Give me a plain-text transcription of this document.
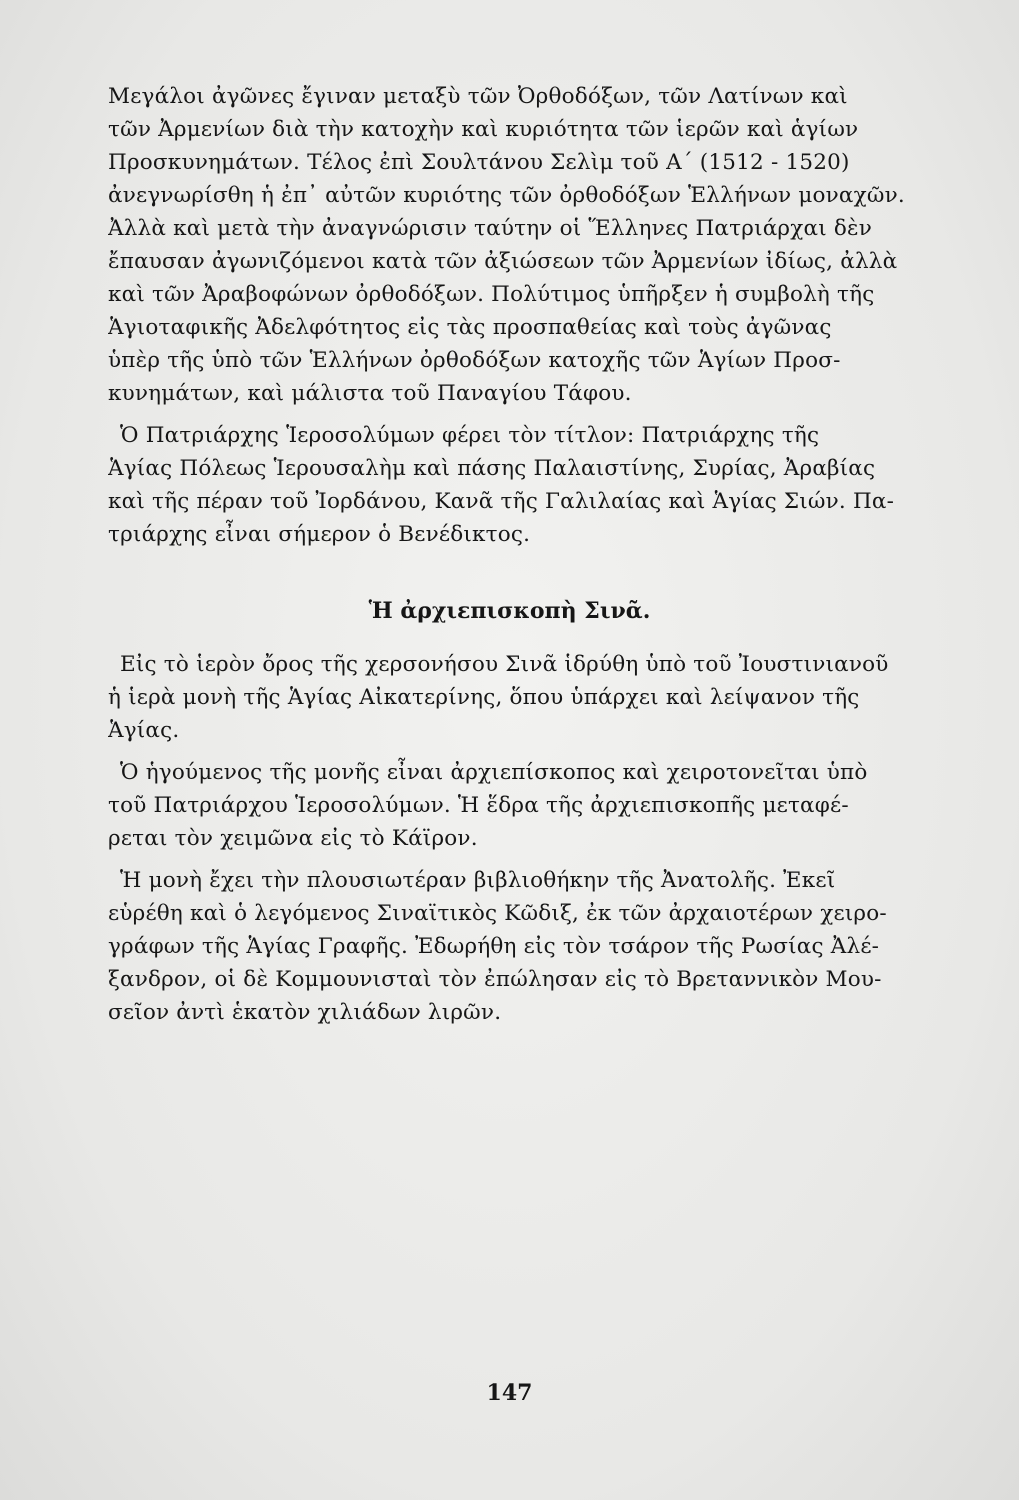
Μεγάλοι ἀγῶνες ἔγιναν μεταξὺ τῶν Ὀρθοδόξων, τῶν Λατίνων καὶ
τῶν Ἀρμενίων διὰ τὴν κατοχὴν καὶ κυριότητα τῶν ἱερῶν καὶ ἁγίων
Προσκυνημάτων. Τέλος ἐπὶ Σουλτάνου Σελὶμ τοῦ Α΄ (1512 - 1520)
ἀνεγνωρίσθη ἡ ἐπ᾽ αὐτῶν κυριότης τῶν ὀρθοδόξων Ἑλλήνων μοναχῶν.
Ἀλλὰ καὶ μετὰ τὴν ἀναγνώρισιν ταύτην οἱ Ἕλληνες Πατριάρχαι δὲν
ἔπαυσαν ἀγωνιζόμενοι κατὰ τῶν ἀξιώσεων τῶν Ἀρμενίων ἰδίως, ἀλλὰ
καὶ τῶν Ἀραβοφώνων ὀρθοδόξων. Πολύτιμος ὑπῆρξεν ἡ συμβολὴ τῆς
Ἁγιοταφικῆς Ἀδελφότητος εἰς τὰς προσπαθείας καὶ τοὺς ἀγῶνας
ὑπὲρ τῆς ὑπὸ τῶν Ἑλλήνων ὀρθοδόξων κατοχῆς τῶν Ἁγίων Προσ-
κυνημάτων, καὶ μάλιστα τοῦ Παναγίου Τάφου.
Ὁ Πατριάρχης Ἱεροσολύμων φέρει τὸν τίτλον: Πατριάρχης τῆς
Ἁγίας Πόλεως Ἱερουσαλὴμ καὶ πάσης Παλαιστίνης, Συρίας, Ἀραβίας
καὶ τῆς πέραν τοῦ Ἰορδάνου, Κανᾶ τῆς Γαλιλαίας καὶ Ἁγίας Σιών. Πα-
τριάρχης εἶναι σήμερον ὁ Βενέδικτος.
Εἰς τὸ ἱερὸν ὄρος τῆς χερσονήσου Σινᾶ ἱδρύθη ὑπὸ τοῦ Ἰουστινιανοῦ
ἡ ἱερὰ μονὴ τῆς Ἁγίας Αἰκατερίνης, ὅπου ὑπάρχει καὶ λείψανον τῆς
Ἁγίας.
Ὁ ἡγούμενος τῆς μονῆς εἶναι ἀρχιεπίσκοπος καὶ χειροτονεῖται ὑπὸ
τοῦ Πατριάρχου Ἱεροσολύμων. Ἡ ἕδρα τῆς ἀρχιεπισκοπῆς μεταφέ-
ρεται τὸν χειμῶνα εἰς τὸ Κάϊρον.
Ἡ μονὴ ἔχει τὴν πλουσιωτέραν βιβλιοθήκην τῆς Ἀνατολῆς. Ἐκεῖ
εὑρέθη καὶ ὁ λεγόμενος Σιναϊτικὸς Κῶδιξ, ἐκ τῶν ἀρχαιοτέρων χειρο-
γράφων τῆς Ἁγίας Γραφῆς. Ἐδωρήθη εἰς τὸν τσάρον τῆς Ρωσίας Ἀλέ-
ξανδρον, οἱ δὲ Κομμουνισταὶ τὸν ἐπώλησαν εἰς τὸ Βρεταννικὸν Μου-
σεῖον ἀντὶ ἑκατὸν χιλιάδων λιρῶν.
Ἡ ἀρχιεπισκοπὴ Σινᾶ.
147
